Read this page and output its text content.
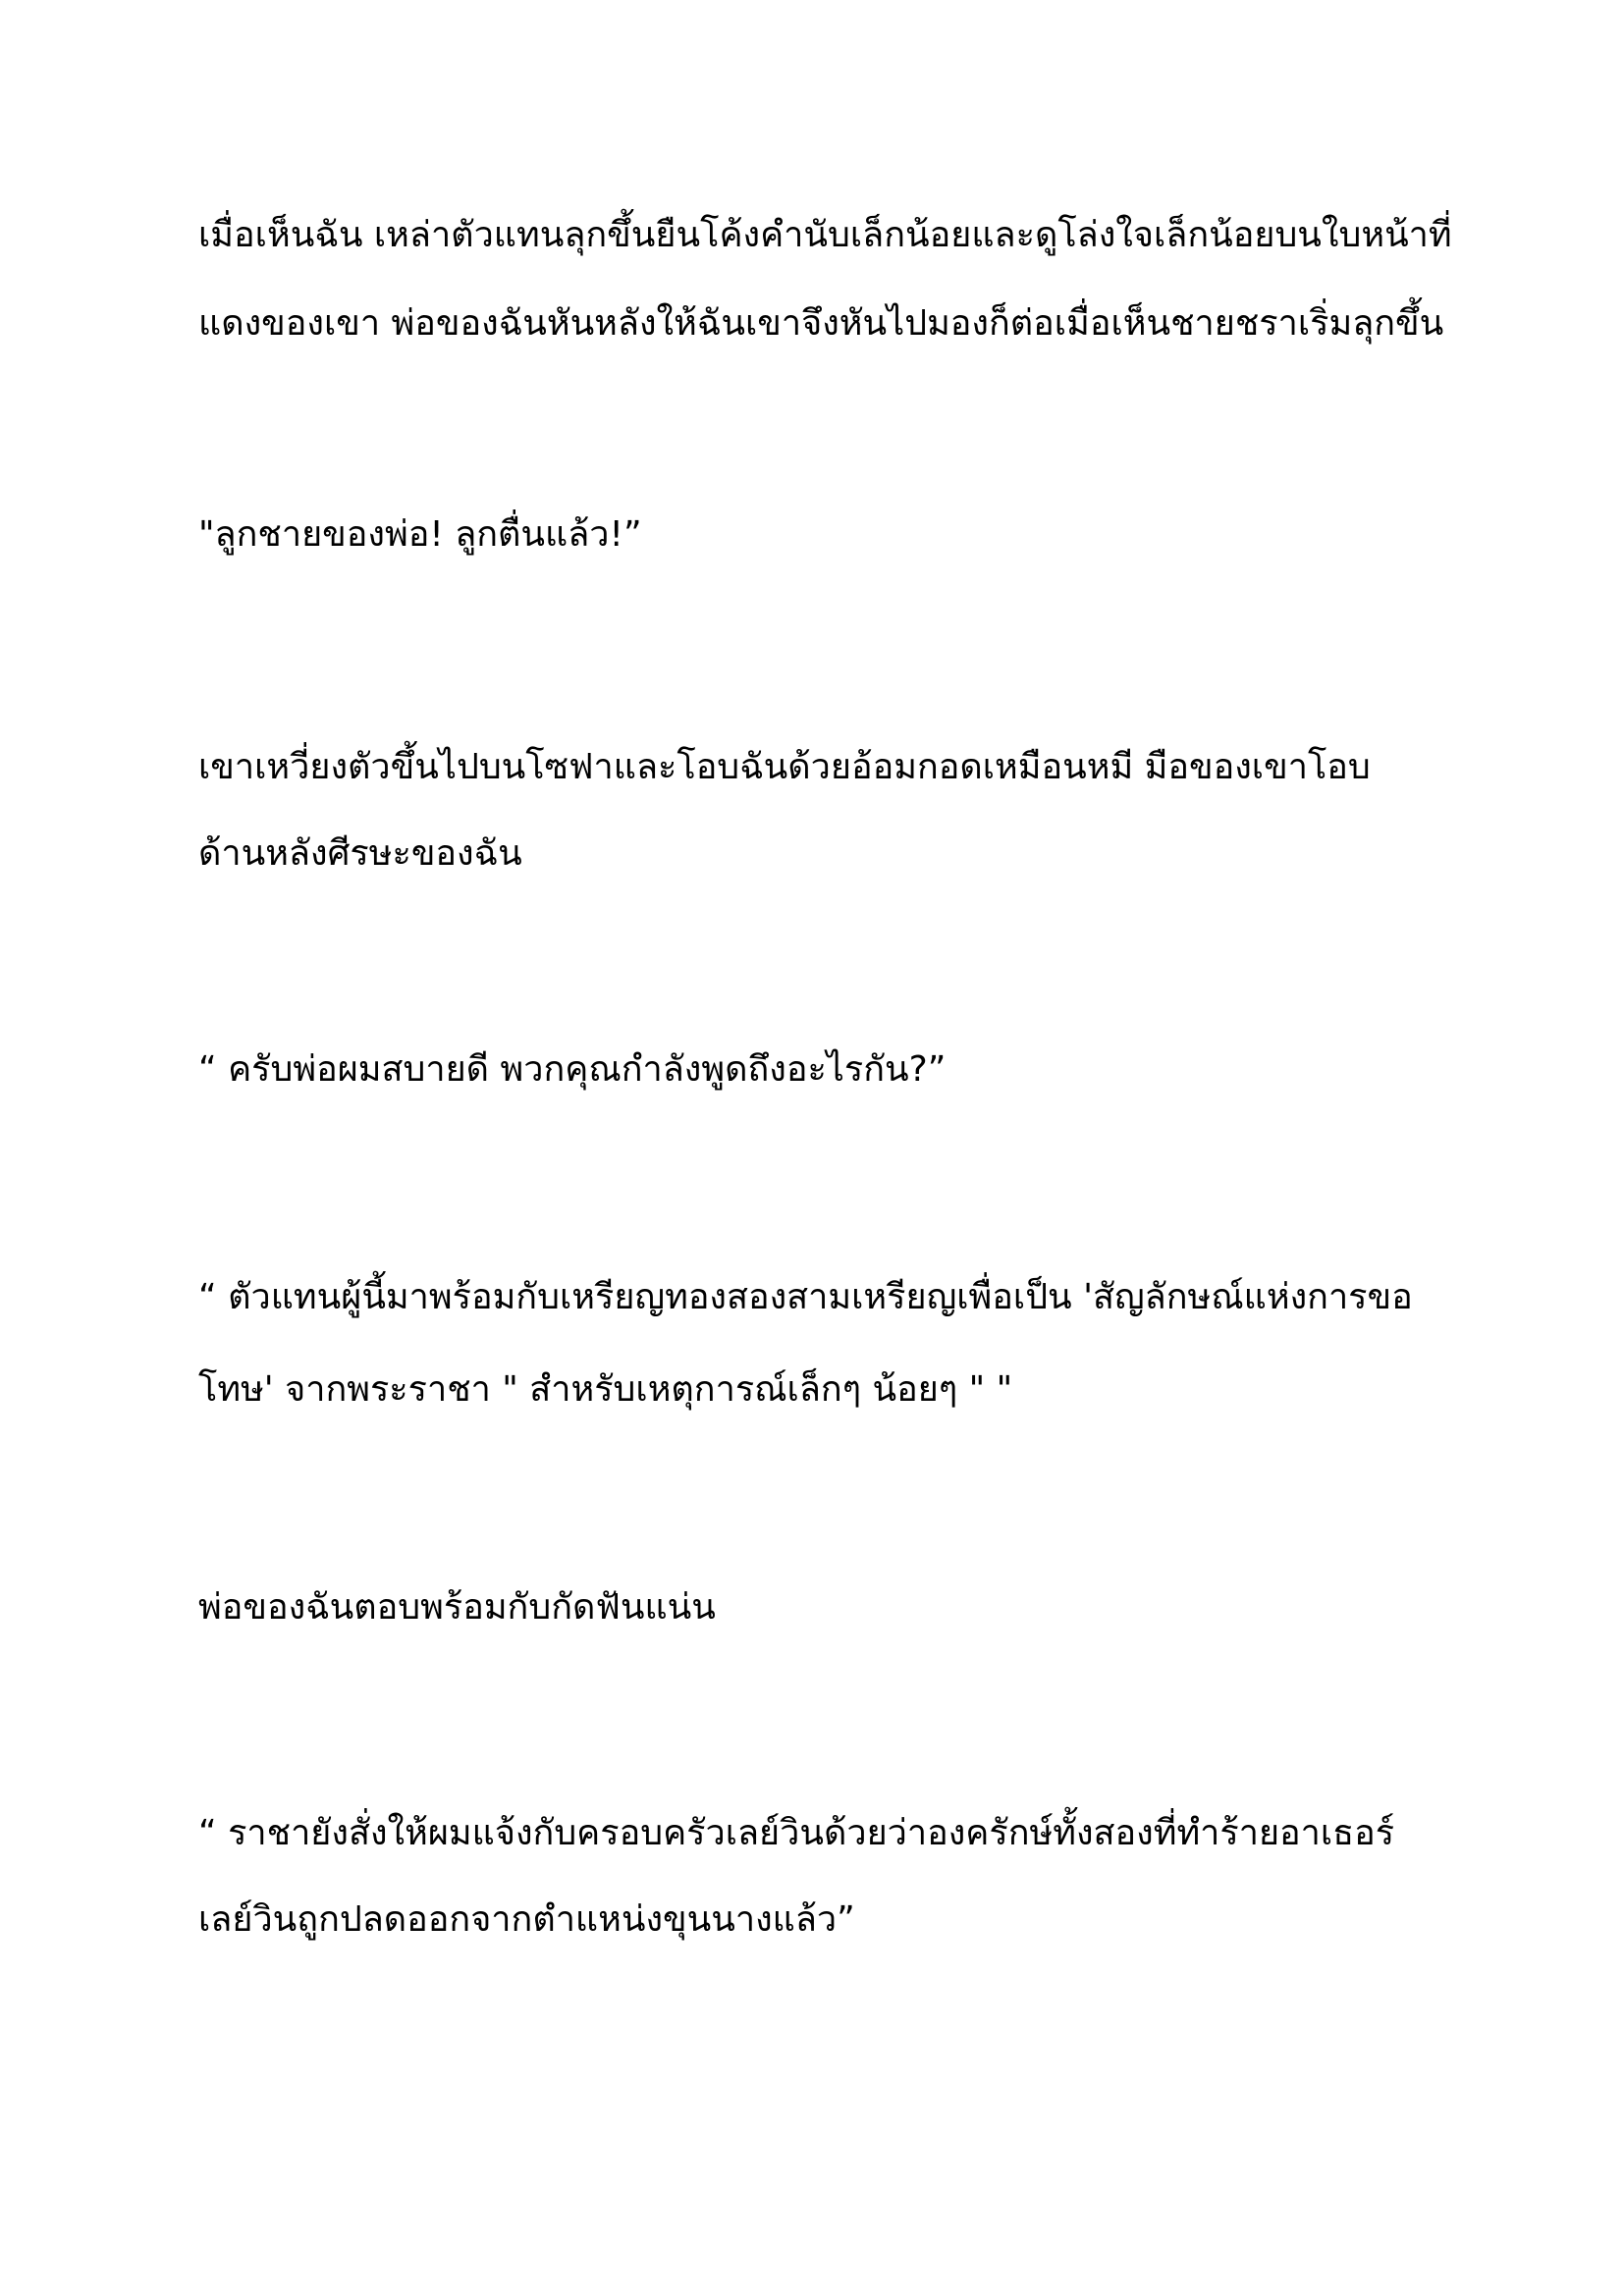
เมื่อเห็นฉัน เหล่าตัวแทนลุกขึ้นยืนโค้งคำนับเล็กน้อยและดูโล่งใจเล็กน้อยบนใบหน้าที่
แดงของเขา พ่อของฉันหันหลังให้ฉันเขาจึงหันไปมองก็ต่อเมื่อเห็นชายชราเริ่มลุกขึ้น
"ลูกชายของพ่อ! ลูกตื่นแล้ว!”
เขาเหวี่ยงตัวขึ้นไปบนโซฟาและโอบฉันด้วยอ้อมกอดเหมือนหมี มือของเขาโอบ
ด้านหลังศีรษะของฉัน
“ ครับพ่อผมสบายดี พวกคุณกำลังพูดถึงอะไรกัน?”
“ ตัวแทนผู้นี้มาพร้อมกับเหรียญทองสองสามเหรียญเพื่อเป็น 'สัญลักษณ์แห่งการขอ
โทษ' จากพระราชา " สำหรับเหตุการณ์เล็กๆ น้อยๆ " "
พ่อของฉันตอบพร้อมกับกัดฟันแน่น
“ ราชายังสั่งให้ผมแจ้งกับครอบครัวเลย์วินด้วยว่าองครักษ์ทั้งสองที่ทำร้ายอาเธอร์
เลย์วินถูกปลดออกจากตำแหน่งขุนนางแล้ว”
